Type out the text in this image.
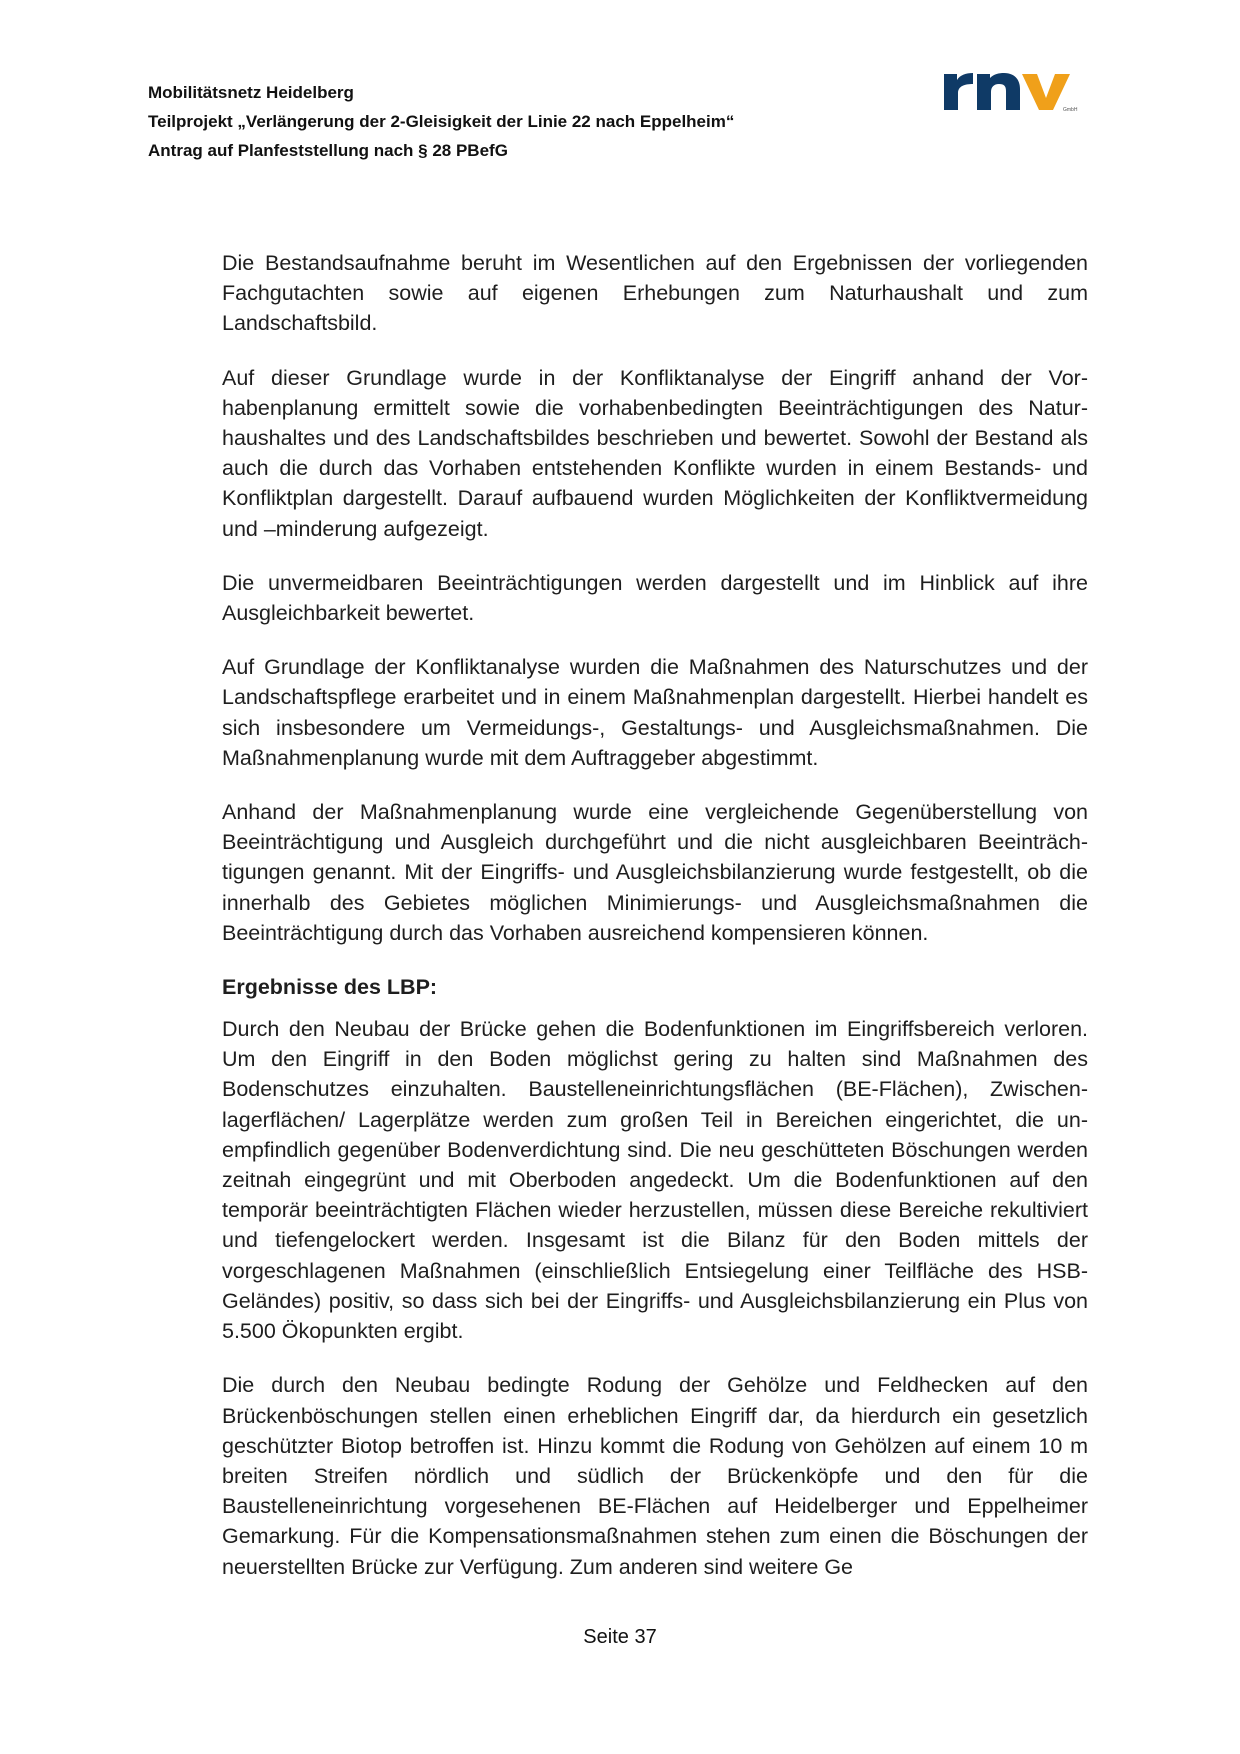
Mobilitätsnetz Heidelberg
Teilprojekt „Verlängerung der 2-Gleisigkeit der Linie 22 nach Eppelheim“
Antrag auf Planfeststellung nach § 28 PBefG
GmbH

Die Bestandsaufnahme beruht im Wesentlichen auf den Ergebnissen der vorliegenden Fachgutachten sowie auf eigenen Erhebungen zum Naturhaushalt und zum Landschaftsbild.

Auf dieser Grundlage wurde in der Konfliktanalyse der Eingriff anhand der Vorhabenplanung ermittelt sowie die vorhabenbedingten Beeinträchtigungen des Naturhaushaltes und des Landschaftsbildes beschrieben und bewertet. Sowohl der Bestand als auch die durch das Vorhaben entstehenden Konflikte wurden in einem Bestands- und Konfliktplan dargestellt. Darauf aufbauend wurden Möglichkeiten der Konfliktvermeidung und –minderung aufgezeigt.

Die unvermeidbaren Beeinträchtigungen werden dargestellt und im Hinblick auf ihre Ausgleichbarkeit bewertet.

Auf Grundlage der Konfliktanalyse wurden die Maßnahmen des Naturschutzes und der Landschaftspflege erarbeitet und in einem Maßnahmenplan dargestellt. Hierbei handelt es sich insbesondere um Vermeidungs-, Gestaltungs- und Ausgleichsmaßnahmen. Die Maßnahmenplanung wurde mit dem Auftraggeber abgestimmt.

Anhand der Maßnahmenplanung wurde eine vergleichende Gegenüberstellung von Beeinträchtigung und Ausgleich durchgeführt und die nicht ausgleichbaren Beeinträchtigungen genannt. Mit der Eingriffs- und Ausgleichsbilanzierung wurde festgestellt, ob die innerhalb des Gebietes möglichen Minimierungs- und Ausgleichsmaßnahmen die Beeinträchtigung durch das Vorhaben ausreichend kompensieren können.

Ergebnisse des LBP:

Durch den Neubau der Brücke gehen die Bodenfunktionen im Eingriffsbereich verloren. Um den Eingriff in den Boden möglichst gering zu halten sind Maßnahmen des Bodenschutzes einzuhalten. Baustelleneinrichtungsflächen (BE-Flächen), Zwischenlagerflächen/ Lagerplätze werden zum großen Teil in Bereichen eingerichtet, die unempfindlich gegenüber Bodenverdichtung sind. Die neu geschütteten Böschungen werden zeitnah eingegrünt und mit Oberboden angedeckt. Um die Bodenfunktionen auf den temporär beeinträchtigten Flächen wieder herzustellen, müssen diese Bereiche rekultiviert und tiefengelockert werden. Insgesamt ist die Bilanz für den Boden mittels der vorgeschlagenen Maßnahmen (einschließlich Entsiegelung einer Teilfläche des HSB-Geländes) positiv, so dass sich bei der Eingriffs- und Ausgleichsbilanzierung ein Plus von 5.500 Ökopunkten ergibt.

Die durch den Neubau bedingte Rodung der Gehölze und Feldhecken auf den Brückenböschungen stellen einen erheblichen Eingriff dar, da hierdurch ein gesetzlich geschützter Biotop betroffen ist. Hinzu kommt die Rodung von Gehölzen auf einem 10 m breiten Streifen nördlich und südlich der Brückenköpfe und den für die Baustelleneinrichtung vorgesehenen BE-Flächen auf Heidelberger und Eppelheimer Gemarkung. Für die Kompensationsmaßnahmen stehen zum einen die Böschungen der neuerstellten Brücke zur Verfügung. Zum anderen sind weitere Ge

Seite 37
